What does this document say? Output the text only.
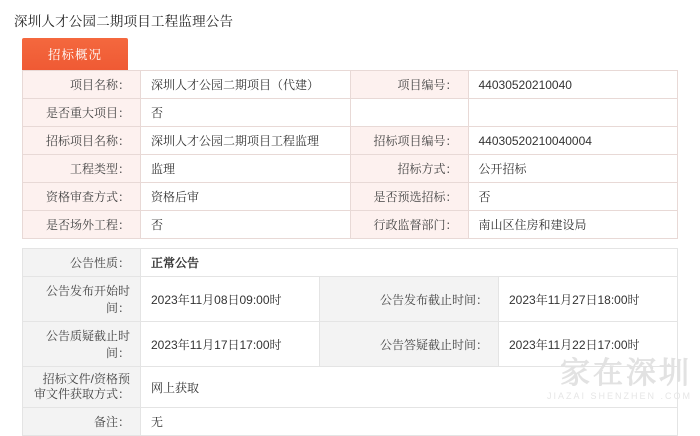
深圳人才公园二期项目工程监理公告
招标概况
项目名称：	深圳人才公园二期项目（代建）	项目编号：	44030520210040
是否重大项目：	否		
招标项目名称：	深圳人才公园二期项目工程监理	招标项目编号：	44030520210040004
工程类型：	监理	招标方式：	公开招标
资格审查方式：	资格后审	是否预选招标：	否
是否场外工程：	否	行政监督部门：	南山区住房和建设局
公告性质：	正常公告		
公告发布开始时间：	2023年11月08日09:00时	公告发布截止时间：	2023年11月27日18:00时
公告质疑截止时间：	2023年11月17日17:00时	公告答疑截止时间：	2023年11月22日17:00时
招标文件/资格预审文件获取方式：	网上获取		
备注：	无		
家在深圳
JIAZAI SHENZHEN .COM
